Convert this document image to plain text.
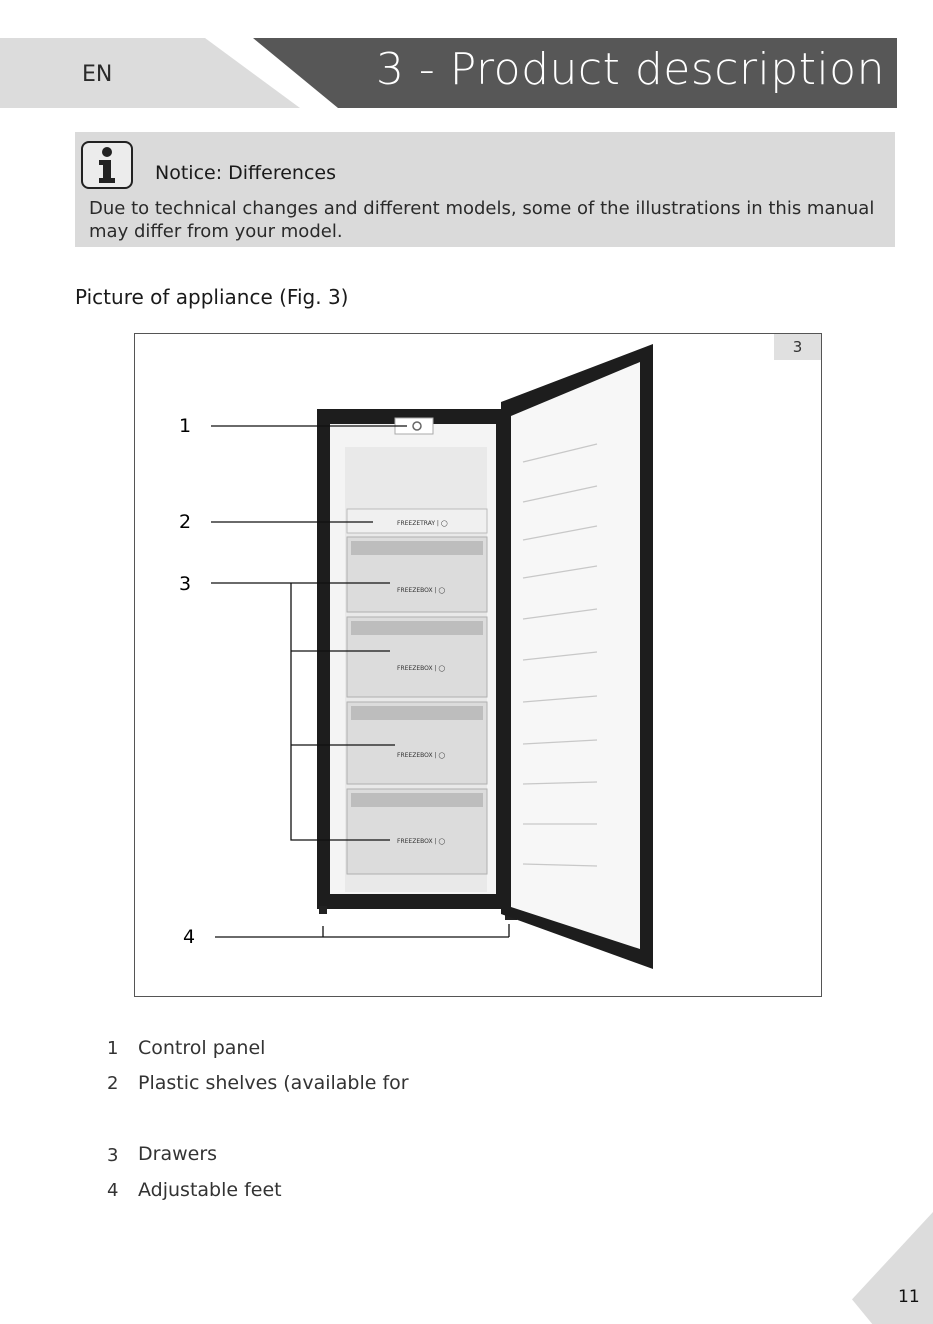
EN	3 - Product description
Notice: Differences
Due to technical changes and different models, some of the illustrations in this manual may differ from your model.
Picture of appliance (Fig. 3)
3
FREEZETRAY | ◯
FREEZEBOX | ◯
FREEZEBOX | ◯
FREEZEBOX | ◯
FREEZEBOX | ◯
1
2
3
4
1 Control panel
2 Plastic shelves (available for
3 Drawers
4 Adjustable feet
11
